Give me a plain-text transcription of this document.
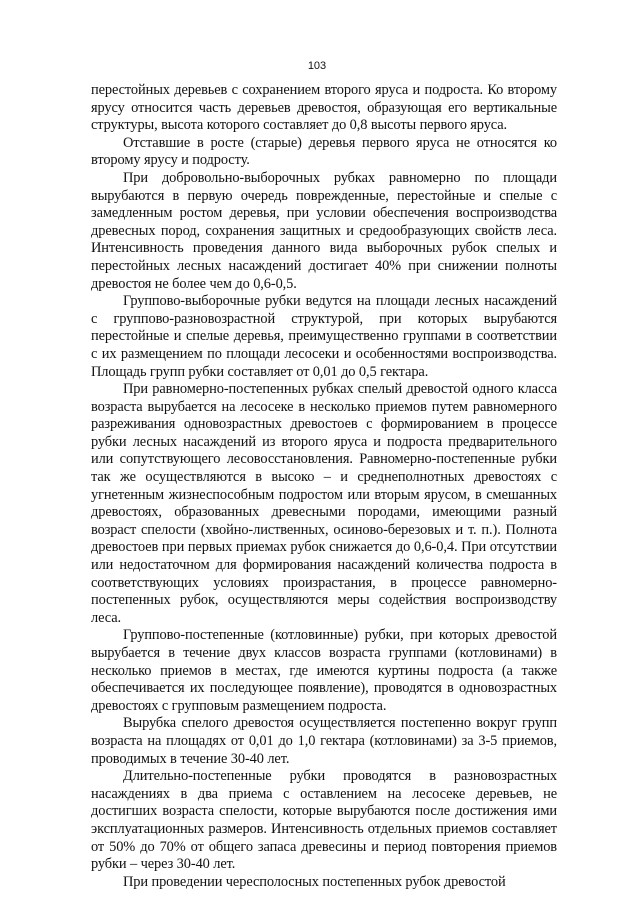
103

перестойных деревьев с сохранением второго яруса и подроста. Ко второму ярусу относится часть деревьев древостоя, образующая его вертикальные структуры, высота которого составляет до 0,8 высоты первого яруса.

Отставшие в росте (старые) деревья первого яруса не относятся ко второму ярусу и подросту.

При добровольно-выборочных рубках равномерно по площади вырубаются в первую очередь поврежденные, перестойные и спелые с замедленным ростом деревья, при условии обеспечения воспроизводства древесных пород, сохранения защитных и средообразующих свойств леса. Интенсивность проведения данного вида выборочных рубок спелых и перестойных лесных насаждений достигает 40% при снижении полноты древостоя не более чем до 0,6-0,5.

Группово-выборочные рубки ведутся на площади лесных насаждений с группово-разновозрастной структурой, при которых вырубаются перестойные и спелые деревья, преимущественно группами в соответствии с их размещением по площади лесосеки и особенностями воспроизводства. Площадь групп рубки составляет от 0,01 до 0,5 гектара.

При равномерно-постепенных рубках спелый древостой одного класса возраста вырубается на лесосеке в несколько приемов путем равномерного разреживания одновозрастных древостоев с формированием в процессе рубки лесных насаждений из второго яруса и подроста предварительного или сопутствующего лесовосстановления. Равномерно-постепенные рубки так же осуществляются в высоко – и среднеполнотных древостоях с угнетенным жизнеспособным подростом или вторым ярусом, в смешанных древостоях, образованных древесными породами, имеющими разный возраст спелости (хвойно-лиственных, осиново-березовых и т. п.). Полнота древостоев при первых приемах рубок снижается до 0,6-0,4. При отсутствии или недостаточном для формирования насаждений количества подроста в соответствующих условиях произрастания, в процессе равномерно-постепенных рубок, осуществляются меры содействия воспроизводству леса.

Группово-постепенные (котловинные) рубки, при которых древостой вырубается в течение двух классов возраста группами (котловинами) в несколько приемов в местах, где имеются куртины подроста (а также обеспечивается их последующее появление), проводятся в одновозрастных древостоях с групповым размещением подроста.

Вырубка спелого древостоя осуществляется постепенно вокруг групп возраста на площадях от 0,01 до 1,0 гектара (котловинами) за 3-5 приемов, проводимых в течение 30-40 лет.

Длительно-постепенные рубки проводятся в разновозрастных насаждениях в два приема с оставлением на лесосеке деревьев, не достигших возраста спелости, которые вырубаются после достижения ими эксплуатационных размеров. Интенсивность отдельных приемов составляет от 50% до 70% от общего запаса древесины и период повторения приемов рубки – через 30-40 лет.

При проведении чересполосных постепенных рубок древостой
